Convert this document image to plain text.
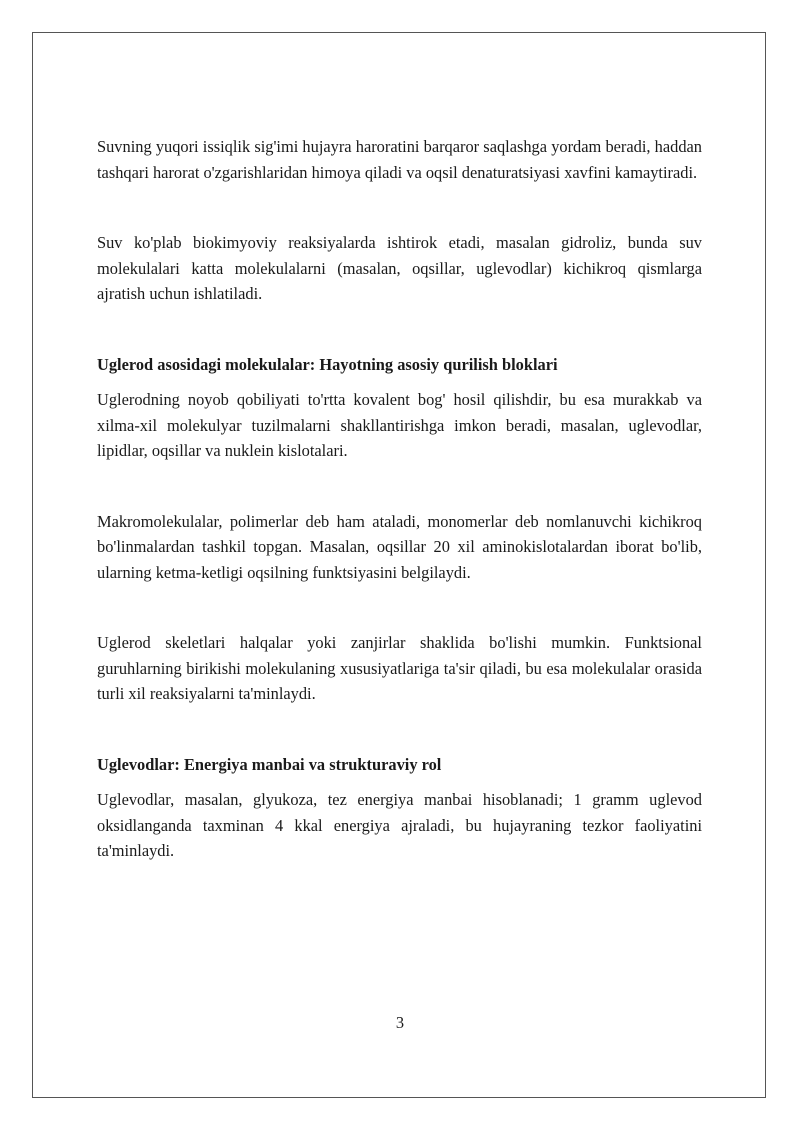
Suvning yuqori issiqlik sig'imi hujayra haroratini barqaror saqlashga yordam beradi, haddan tashqari harorat o'zgarishlaridan himoya qiladi va oqsil denaturatsiyasi xavfini kamaytiradi.

Suv ko'plab biokimyoviy reaksiyalarda ishtirok etadi, masalan gidroliz, bunda suv molekulalari katta molekulalarni (masalan, oqsillar, uglevodlar) kichikroq qismlarga ajratish uchun ishlatiladi.

Uglerod asosidagi molekulalar: Hayotning asosiy qurilish bloklari

Uglerodning noyob qobiliyati to'rtta kovalent bog' hosil qilishdir, bu esa murakkab va xilma-xil molekulyar tuzilmalarni shakllantirishga imkon beradi, masalan, uglevodlar, lipidlar, oqsillar va nuklein kislotalari.

Makromolekulalar, polimerlar deb ham ataladi, monomerlar deb nomlanuvchi kichikroq bo'linmalardan tashkil topgan. Masalan, oqsillar 20 xil aminokislotalardan iborat bo'lib, ularning ketma-ketligi oqsilning funktsiyasini belgilaydi.

Uglerod skeletlari halqalar yoki zanjirlar shaklida bo'lishi mumkin. Funktsional guruhlarning birikishi molekulaning xususiyatlariga ta'sir qiladi, bu esa molekulalar orasida turli xil reaksiyalarni ta'minlaydi.

Uglevodlar: Energiya manbai va strukturaviy rol

Uglevodlar, masalan, glyukoza, tez energiya manbai hisoblanadi; 1 gramm uglevod oksidlanganda taxminan 4 kkal energiya ajraladi, bu hujayraning tezkor faoliyatini ta'minlaydi.

3
